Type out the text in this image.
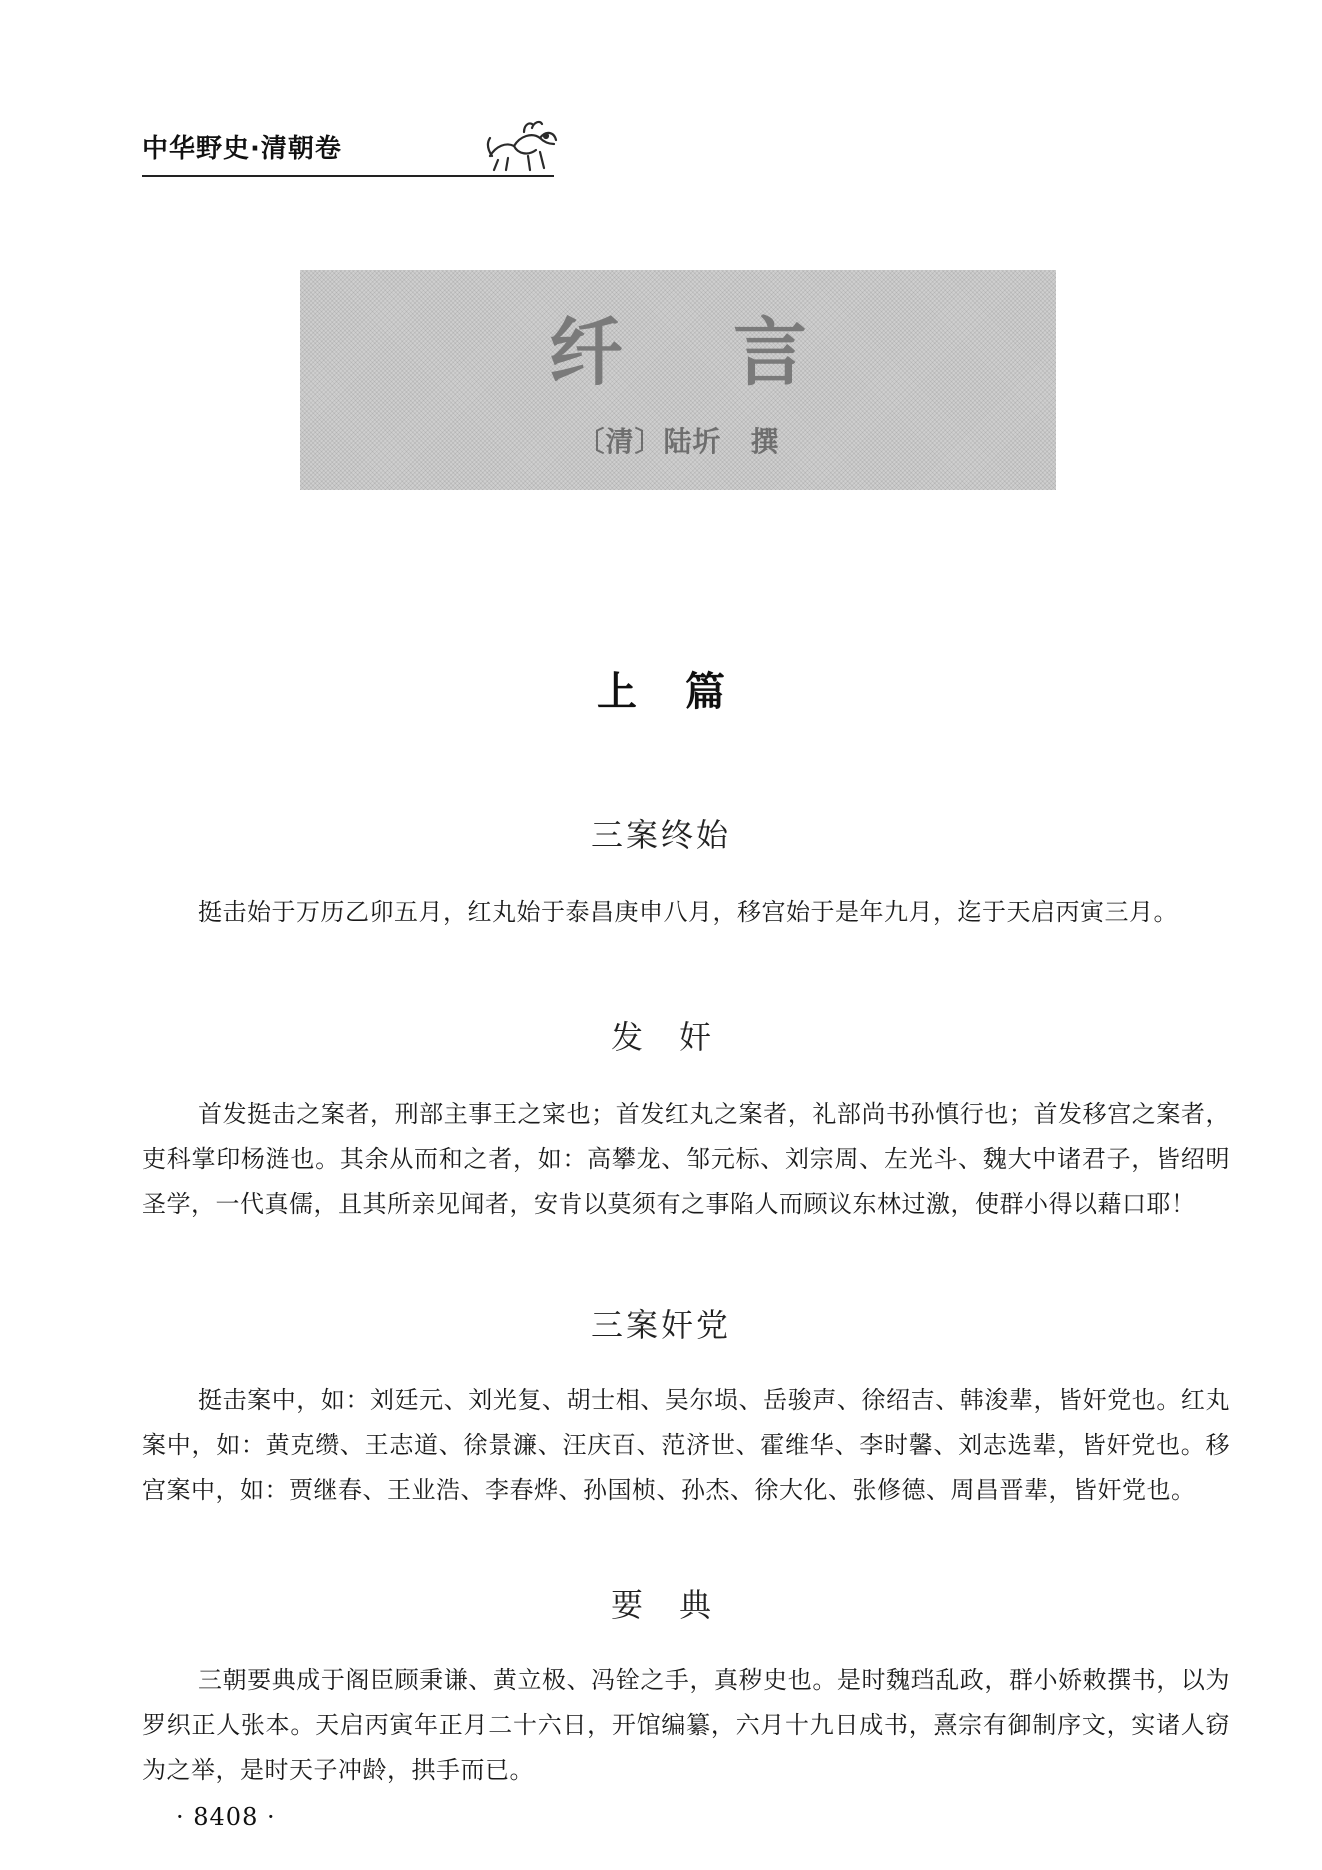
中华野史·清朝卷
纤言
〔清〕陆圻　撰
上篇
三案终始
挺击始于万历乙卯五月，红丸始于泰昌庚申八月，移宫始于是年九月，迄于天启丙寅三月。
发奸
首发挺击之案者，刑部主事王之寀也；首发红丸之案者，礼部尚书孙慎行也；首发移宫之案者，吏科掌印杨涟也。其余从而和之者，如：高攀龙、邹元标、刘宗周、左光斗、魏大中诸君子，皆绍明圣学，一代真儒，且其所亲见闻者，安肯以莫须有之事陷人而顾议东林过激，使群小得以藉口耶！
三案奸党
挺击案中，如：刘廷元、刘光复、胡士相、吴尔埙、岳骏声、徐绍吉、韩浚辈，皆奸党也。红丸案中，如：黄克缵、王志道、徐景濂、汪庆百、范济世、霍维华、李时馨、刘志选辈，皆奸党也。移宫案中，如：贾继春、王业浩、李春烨、孙国桢、孙杰、徐大化、张修德、周昌晋辈，皆奸党也。
要典
三朝要典成于阁臣顾秉谦、黄立极、冯铨之手，真秽史也。是时魏珰乱政，群小娇敕撰书，以为罗织正人张本。天启丙寅年正月二十六日，开馆编纂，六月十九日成书，熹宗有御制序文，实诸人窃为之举，是时天子冲龄，拱手而已。
· 8408 ·
